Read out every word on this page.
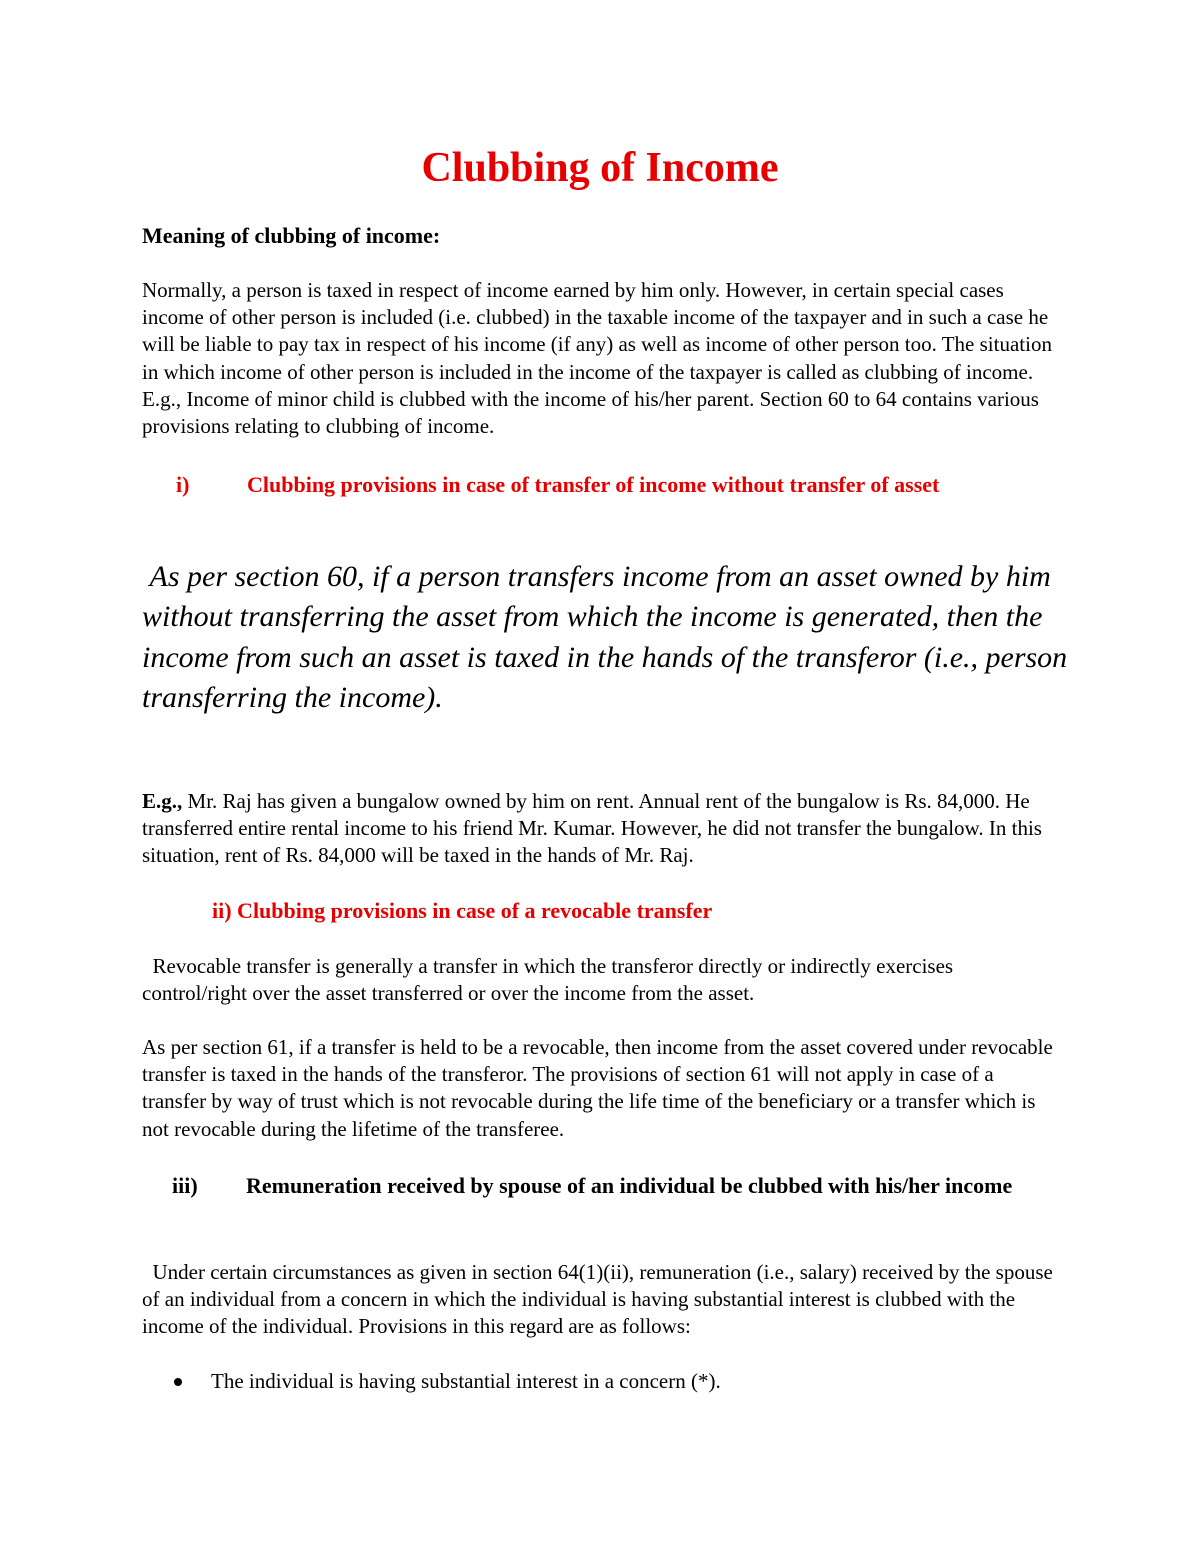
Clubbing of Income

Meaning of clubbing of income:

Normally, a person is taxed in respect of income earned by him only. However, in certain special cases income of other person is included (i.e. clubbed) in the taxable income of the taxpayer and in such a case he will be liable to pay tax in respect of his income (if any) as well as income of other person too. The situation in which income of other person is included in the income of the taxpayer is called as clubbing of income. E.g., Income of minor child is clubbed with the income of his/her parent. Section 60 to 64 contains various provisions relating to clubbing of income.

i)	Clubbing provisions in case of transfer of income without transfer of asset

As per section 60, if a person transfers income from an asset owned by him without transferring the asset from which the income is generated, then the income from such an asset is taxed in the hands of the transferor (i.e., person transferring the income).

E.g., Mr. Raj has given a bungalow owned by him on rent. Annual rent of the bungalow is Rs. 84,000. He transferred entire rental income to his friend Mr. Kumar. However, he did not transfer the bungalow. In this situation, rent of Rs. 84,000 will be taxed in the hands of Mr. Raj.

ii) Clubbing provisions in case of a revocable transfer

Revocable transfer is generally a transfer in which the transferor directly or indirectly exercises control/right over the asset transferred or over the income from the asset.

As per section 61, if a transfer is held to be a revocable, then income from the asset covered under revocable transfer is taxed in the hands of the transferor. The provisions of section 61 will not apply in case of a transfer by way of trust which is not revocable during the life time of the beneficiary or a transfer which is not revocable during the lifetime of the transferee.

iii) Remuneration received by spouse of an individual be clubbed with his/her income

Under certain circumstances as given in section 64(1)(ii), remuneration (i.e., salary) received by the spouse of an individual from a concern in which the individual is having substantial interest is clubbed with the income of the individual. Provisions in this regard are as follows:

The individual is having substantial interest in a concern (*).
